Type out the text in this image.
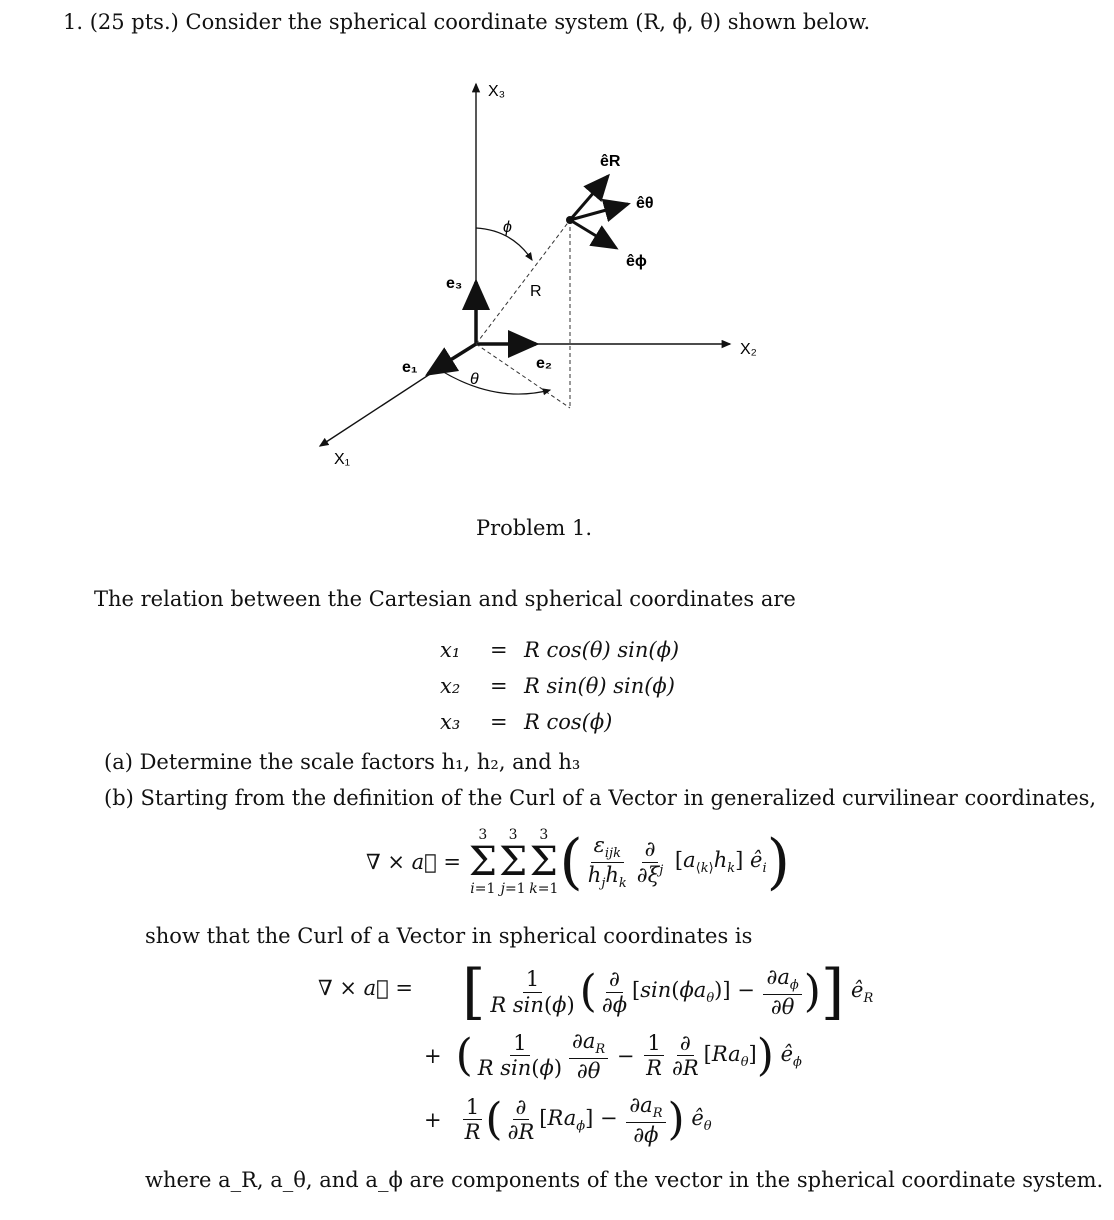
1. (25 pts.) Consider the spherical coordinate system (R, ϕ, θ) shown below.
X₃
X₂
X₁
e₃
e₂
e₁
êR
êθ
êϕ
ϕ
θ
R
Problem 1.
The relation between the Cartesian and spherical coordinates are
x₁	= R cos(θ) sin(ϕ)
x₂	= R sin(θ) sin(ϕ)
x₃	= R cos(ϕ)
(a) Determine the scale factors h₁, h₂, and h₃
(b) Starting from the definition of the Curl of a Vector in generalized curvilinear coordinates,
∇ × a⃗ =
3
Σ
i=1
3
Σ
j=1
3
Σ
k=1 ( $\frac{\varepsilon_{ijk}}{h_jh_k} \frac{\partial}{\partial\xi^j} [a_{⟨k⟩}h_k]$ $ê_i$ )
show that the Curl of a Vector in spherical coordinates is
∇ × a⃗ = [ $\frac{1}{\text{R sin(ϕ)}}$ ( $\frac{\partial}{\partial\phi} [\sin(\phi a_\theta)] - \frac{\partial a_\phi}{\partial\theta}$ ) ] $ê_R$
+ ( $\frac{1}{\text{R sin(ϕ)}} \frac{\partial a_R}{\partial\theta} - \frac{1}{R} \frac{\partial}{\partial R} [Ra_\theta]$ ) $ê_\phi$
+ $\frac{1}{R}$ ( $\frac{\partial}{\partial R} [Ra_\phi] - \frac{\partial a_R}{\partial\phi}$ ) $ê_\theta$
where a_R, a_θ, and a_ϕ are components of the vector in the spherical coordinate system.
